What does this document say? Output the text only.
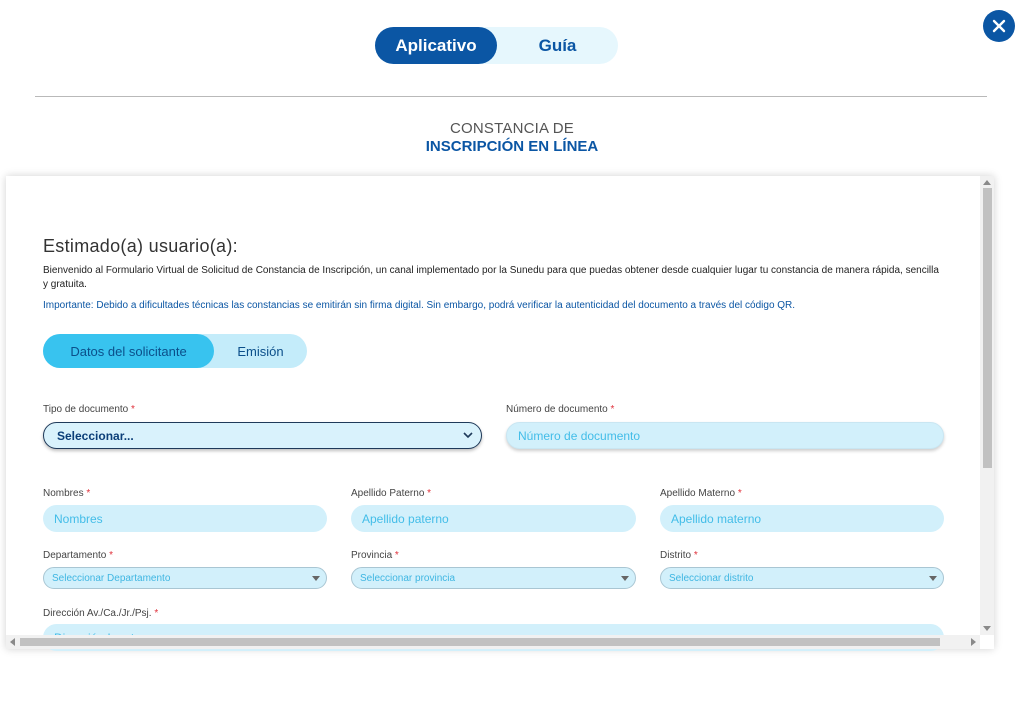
Aplicativo	Guía
CONSTANCIA DE
INSCRIPCIÓN EN LÍNEA
Estimado(a) usuario(a):
Bienvenido al Formulario Virtual de Solicitud de Constancia de Inscripción, un canal implementado por la Sunedu para que puedas obtener desde cualquier lugar tu constancia de manera rápida, sencilla y gratuita.
Importante: Debido a dificultades técnicas las constancias se emitirán sin firma digital. Sin embargo, podrá verificar la autenticidad del documento a través del código QR.
Datos del solicitante	Emisión
Tipo de documento *
Seleccionar...
Número de documento *
Número de documento
Nombres *
Nombres
Apellido Paterno *
Apellido paterno
Apellido Materno *
Apellido materno
Departamento *
Seleccionar Departamento
Provincia *
Seleccionar provincia
Distrito *
Seleccionar distrito
Dirección Av./Ca./Jr./Psj. *
